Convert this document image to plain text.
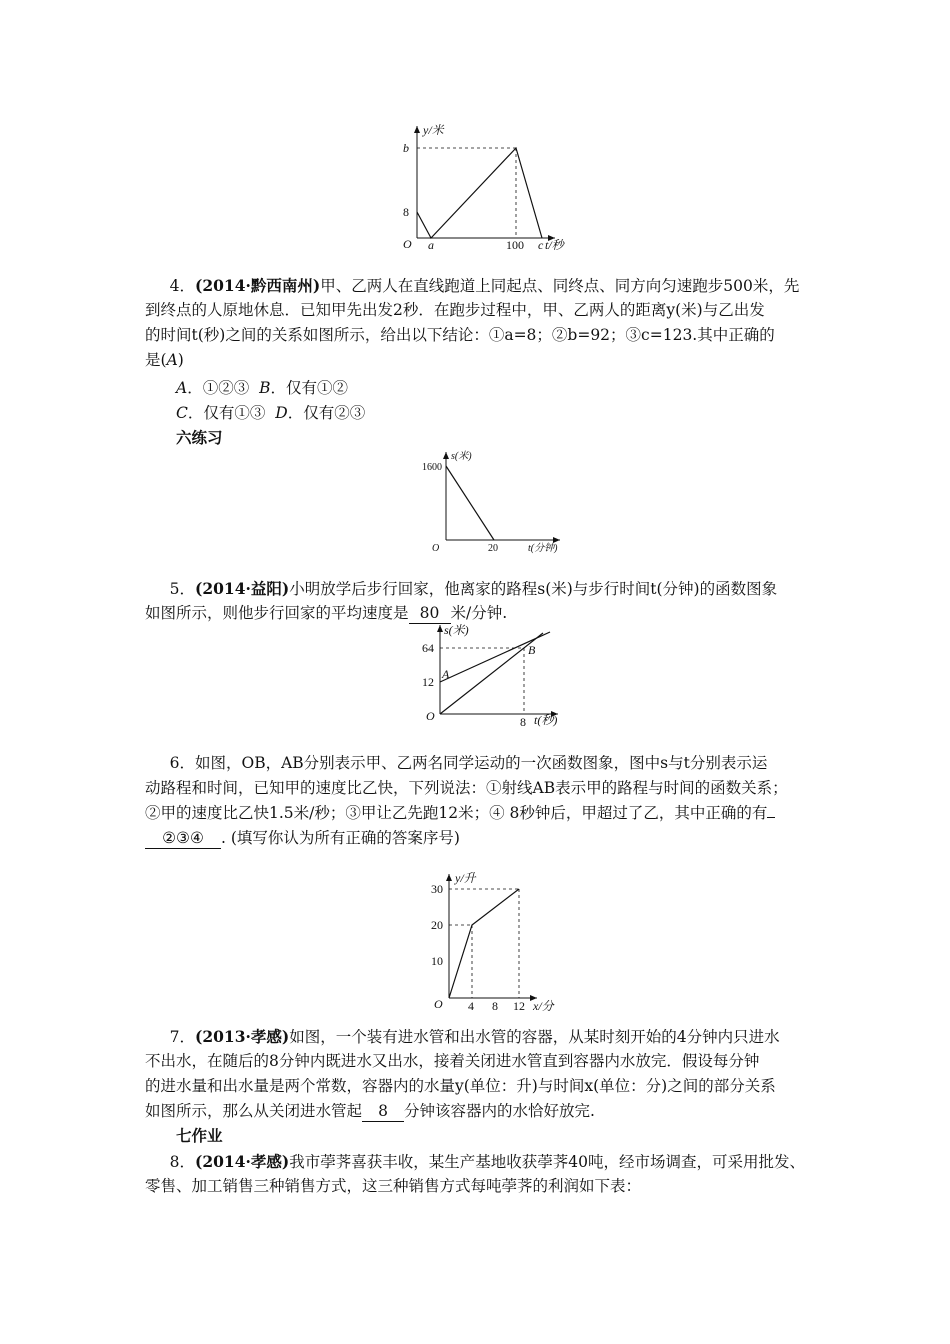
y/米
b
8
O a	100 c t/秒
4．(2014·黔西南州)甲、乙两人在直线跑道上同起点、同终点、同方向匀速跑步500米，先
到终点的人原地休息．已知甲先出发2秒．在跑步过程中，甲、乙两人的距离y(米)与乙出发
的时间t(秒)之间的关系如图所示，给出以下结论：①a=8；②b=92；③c=123.其中正确的
是(A)
A．①②③ B．仅有①②
C．仅有①③ D．仅有②③
六练习
s(米)
1600
O	20	t(分钟)
5．(2014·益阳)小明放学后步行回家，他离家的路程s(米)与步行时间t(分钟)的函数图象
如图所示，则他步行回家的平均速度是 80 米/分钟.
s(米)
64
12
A
B
O	8 t(秒)
6．如图，OB，AB分别表示甲、乙两名同学运动的一次函数图象，图中s与t分别表示运
动路程和时间，已知甲的速度比乙快，下列说法：①射线AB表示甲的路程与时间的函数关系；
②甲的速度比乙快1.5米/秒；③甲让乙先跑12米；④ 8秒钟后，甲超过了乙，其中正确的有
②③④ . (填写你认为所有正确的答案序号)
y/升
30
20
10
O 4 8 12 x/分
7．(2013·孝感)如图，一个装有进水管和出水管的容器，从某时刻开始的4分钟内只进水
不出水，在随后的8分钟内既进水又出水，接着关闭进水管直到容器内水放完．假设每分钟
的进水量和出水量是两个常数，容器内的水量y(单位：升)与时间x(单位：分)之间的部分关系
如图所示，那么从关闭进水管起 8 分钟该容器内的水恰好放完.
七作业
8．(2014·孝感)我市荸荠喜获丰收，某生产基地收获荸荠40吨，经市场调查，可采用批发、
零售、加工销售三种销售方式，这三种销售方式每吨荸荠的利润如下表：
